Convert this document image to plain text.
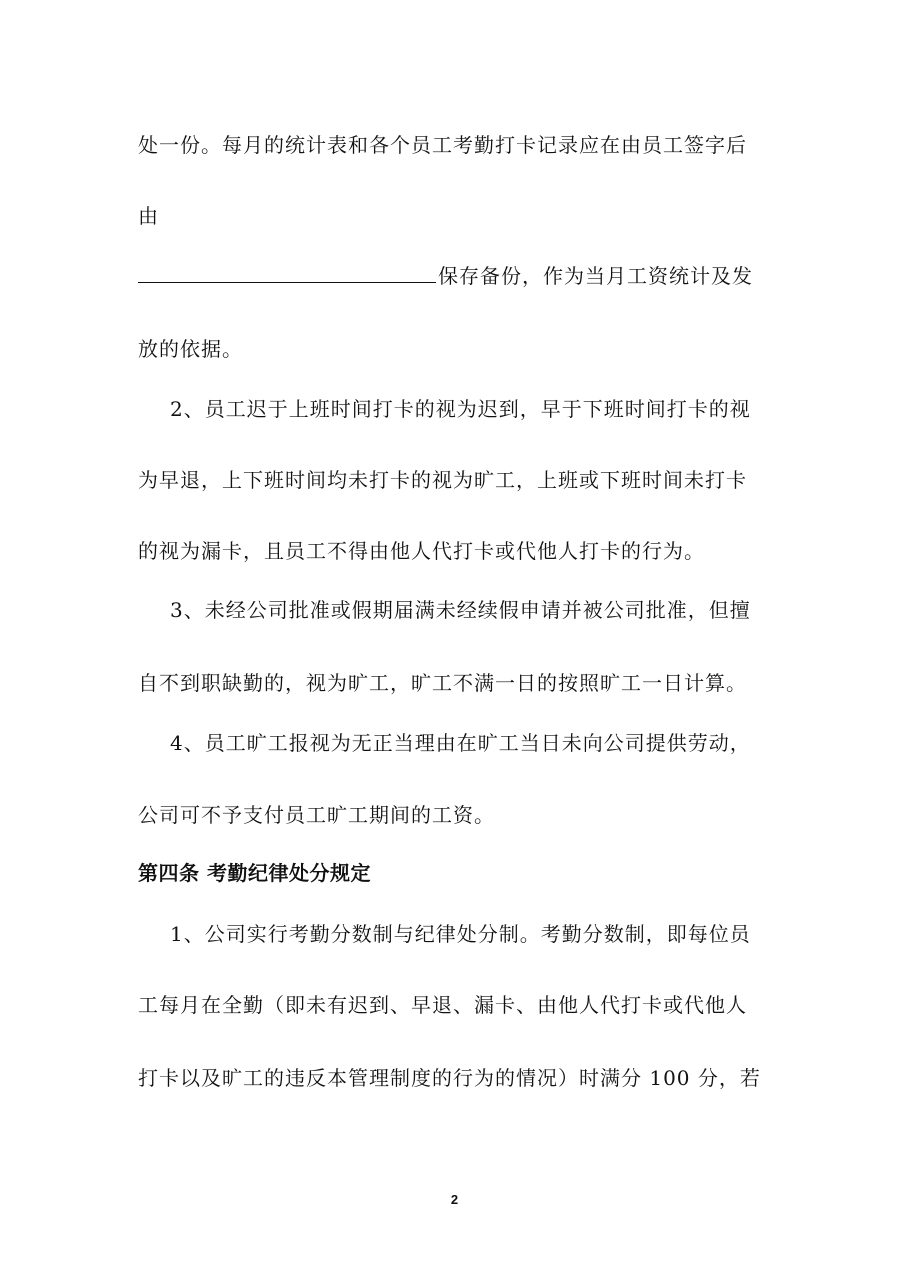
处一份。每月的统计表和各个员工考勤打卡记录应在由员工签字后
由
保存备份，作为当月工资统计及发
放的依据。
2、员工迟于上班时间打卡的视为迟到，早于下班时间打卡的视
为早退，上下班时间均未打卡的视为旷工，上班或下班时间未打卡
的视为漏卡，且员工不得由他人代打卡或代他人打卡的行为。
3、未经公司批准或假期届满未经续假申请并被公司批准，但擅
自不到职缺勤的，视为旷工，旷工不满一日的按照旷工一日计算。
4、员工旷工报视为无正当理由在旷工当日未向公司提供劳动，
公司可不予支付员工旷工期间的工资。
第四条 考勤纪律处分规定
1、公司实行考勤分数制与纪律处分制。考勤分数制，即每位员
工每月在全勤（即未有迟到、早退、漏卡、由他人代打卡或代他人
打卡以及旷工的违反本管理制度的行为的情况）时满分 100 分，若
2
